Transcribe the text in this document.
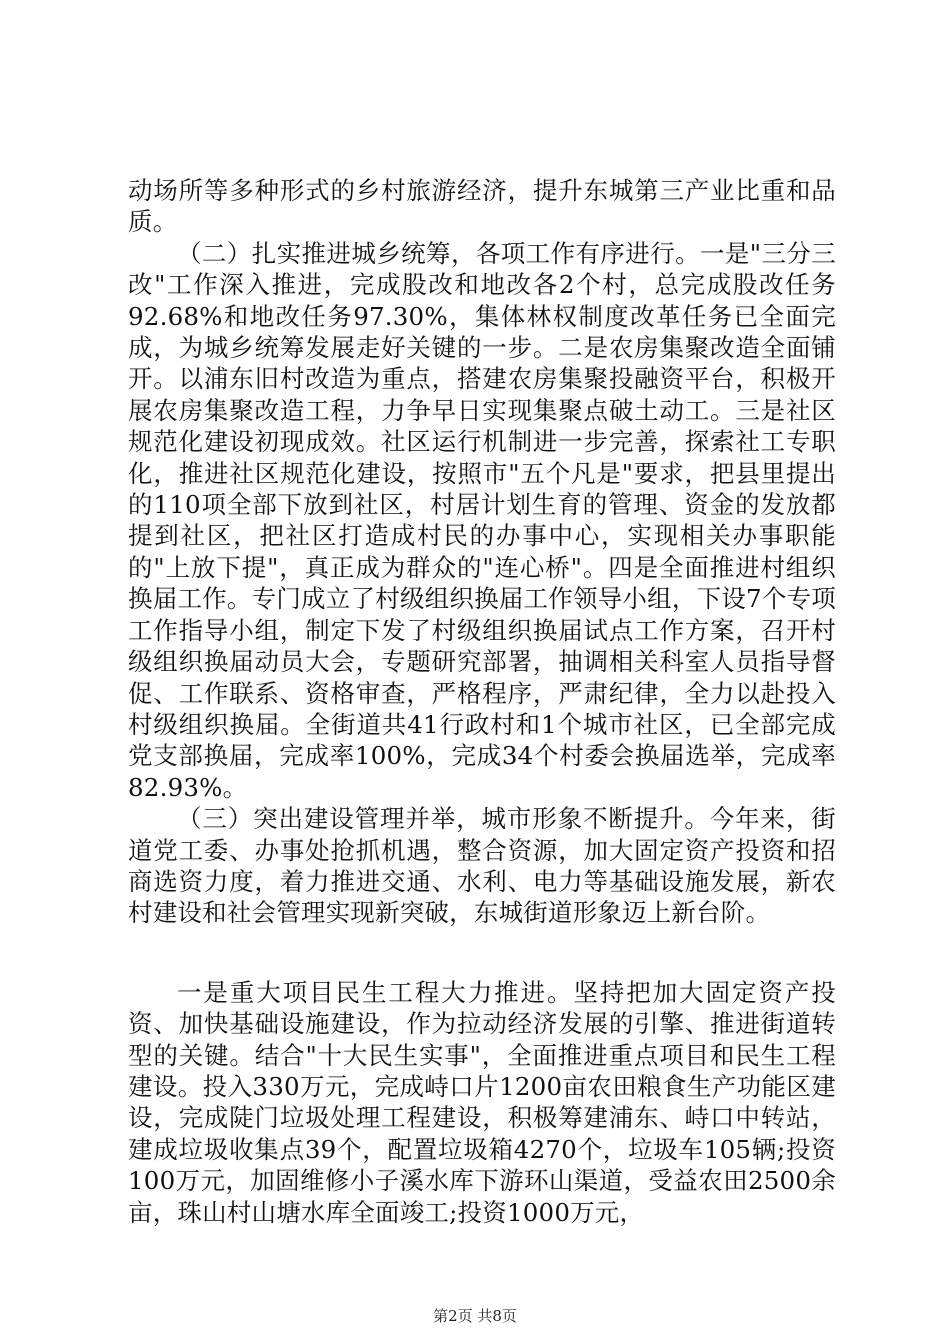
动场所等多种形式的乡村旅游经济，提升东城第三产业比重和品质。

（二）扎实推进城乡统筹，各项工作有序进行。一是"三分三改"工作深入推进，完成股改和地改各2个村，总完成股改任务92.68%和地改任务97.30%，集体林权制度改革任务已全面完成，为城乡统筹发展走好关键的一步。二是农房集聚改造全面铺开。以浦东旧村改造为重点，搭建农房集聚投融资平台，积极开展农房集聚改造工程，力争早日实现集聚点破土动工。三是社区规范化建设初现成效。社区运行机制进一步完善，探索社工专职化，推进社区规范化建设，按照市"五个凡是"要求，把县里提出的110项全部下放到社区，村居计划生育的管理、资金的发放都提到社区，把社区打造成村民的办事中心，实现相关办事职能的"上放下提"，真正成为群众的"连心桥"。四是全面推进村组织换届工作。专门成立了村级组织换届工作领导小组，下设7个专项工作指导小组，制定下发了村级组织换届试点工作方案，召开村级组织换届动员大会，专题研究部署，抽调相关科室人员指导督促、工作联系、资格审查，严格程序，严肃纪律，全力以赴投入村级组织换届。全街道共41行政村和1个城市社区，已全部完成党支部换届，完成率100%，完成34个村委会换届选举，完成率82.93%。

（三）突出建设管理并举，城市形象不断提升。今年来，街道党工委、办事处抢抓机遇，整合资源，加大固定资产投资和招商选资力度，着力推进交通、水利、电力等基础设施发展，新农村建设和社会管理实现新突破，东城街道形象迈上新台阶。

一是重大项目民生工程大力推进。坚持把加大固定资产投资、加快基础设施建设，作为拉动经济发展的引擎、推进街道转型的关键。结合"十大民生实事"，全面推进重点项目和民生工程建设。投入330万元，完成峙口片1200亩农田粮食生产功能区建设，完成陡门垃圾处理工程建设，积极筹建浦东、峙口中转站，建成垃圾收集点39个，配置垃圾箱4270个，垃圾车105辆;投资100万元，加固维修小子溪水库下游环山渠道，受益农田2500余亩，珠山村山塘水库全面竣工;投资1000万元，

第2页 共8页
